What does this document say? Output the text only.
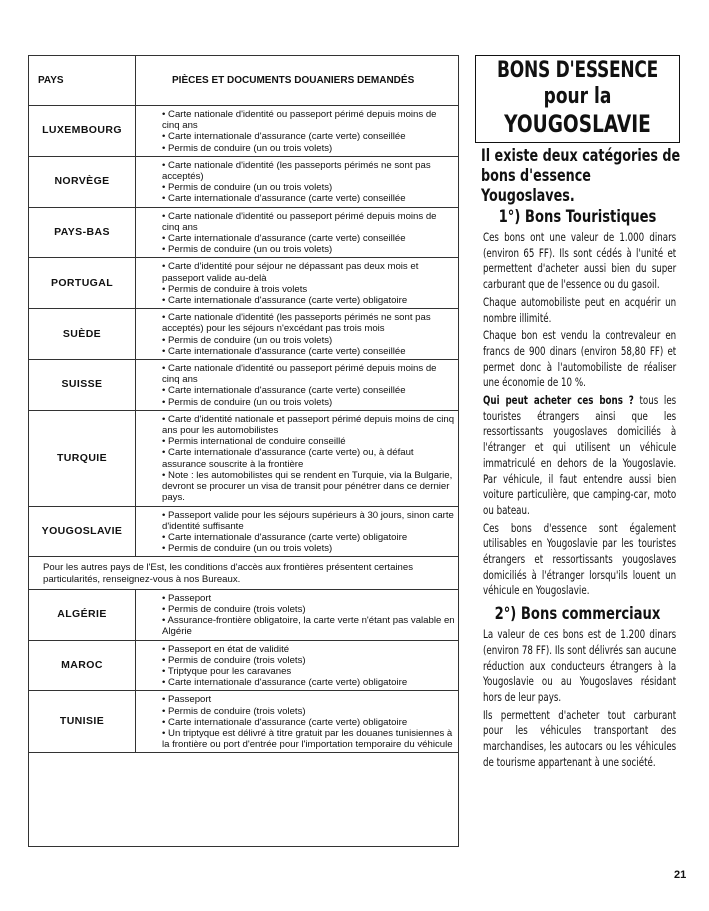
PAYS	PIÈCES ET DOCUMENTS DOUANIERS DEMANDÉS
LUXEMBOURG	• Carte nationale d'identité ou passeport périmé depuis moins de cinq ans
• Carte internationale d'assurance (carte verte) conseillée
• Permis de conduire (un ou trois volets)

NORVÈGE	• Carte nationale d'identité (les passeports périmés ne sont pas acceptés)
• Permis de conduire (un ou trois volets)
• Carte internationale d'assurance (carte verte) conseillée

PAYS-BAS	• Carte nationale d'identité ou passeport périmé depuis moins de cinq ans
• Carte internationale d'assurance (carte verte) conseillée
• Permis de conduire (un ou trois volets)

PORTUGAL	• Carte d'identité pour séjour ne dépassant pas deux mois et passeport valide au-delà
• Permis de conduire à trois volets
• Carte internationale d'assurance (carte verte) obligatoire

SUÈDE	• Carte nationale d'identité (les passeports périmés ne sont pas acceptés) pour les séjours n'excédant pas trois mois
• Permis de conduire (un ou trois volets)
• Carte internationale d'assurance (carte verte) conseillée

SUISSE	• Carte nationale d'identité ou passeport périmé depuis moins de cinq ans
• Carte internationale d'assurance (carte verte) conseillée
• Permis de conduire (un ou trois volets)

TURQUIE	• Carte d'identité nationale et passeport périmé depuis moins de cinq ans pour les automobilistes
• Permis international de conduire conseillé
• Carte internationale d'assurance (carte verte) ou, à défaut assurance souscrite à la frontière
• Note : les automobilistes qui se rendent en Turquie, via la Bulgarie, devront se procurer un visa de transit pour pénétrer dans ce dernier pays.

YOUGOSLAVIE	• Passeport valide pour les séjours supérieurs à 30 jours, sinon carte d'identité suffisante
• Carte internationale d'assurance (carte verte) obligatoire
• Permis de conduire (un ou trois volets)

Pour les autres pays de l'Est, les conditions d'accès aux frontières présentent certaines particularités, renseignez-vous à nos Bureaux.	
ALGÉRIE	• Passeport
• Permis de conduire (trois volets)
• Assurance-frontière obligatoire, la carte verte n'étant pas valable en Algérie

MAROC	• Passeport en état de validité
• Permis de conduire (trois volets)
• Triptyque pour les caravanes
• Carte internationale d'assurance (carte verte) obligatoire

TUNISIE	• Passeport
• Permis de conduire (trois volets)
• Carte internationale d'assurance (carte verte) obligatoire
• Un triptyque est délivré à titre gratuit par les douanes tunisiennes à la frontière ou port d'entrée pour l'importation temporaire du véhicule
BONS D'ESSENCE
pour la
YOUGOSLAVIE
Il existe deux catégories de bons d'essence Yougoslaves.
1°) Bons Touristiques
Ces bons ont une valeur de 1.000 dinars (environ 65 FF). Ils sont cédés à l'unité et permettent d'acheter aussi bien du super carburant que de l'essence ou du gasoil.
Chaque automobiliste peut en acquérir un nombre illimité.
Chaque bon est vendu la contrevaleur en francs de 900 dinars (environ 58,80 FF) et permet donc à l'automobiliste de réaliser une économie de 10 %.
Qui peut acheter ces bons ? tous les touristes étrangers ainsi que les ressortissants yougoslaves domiciliés à l'étranger et qui utilisent un véhicule immatriculé en dehors de la Yougoslavie. Par véhicule, il faut entendre aussi bien voiture particulière, que camping-car, moto ou bateau.
Ces bons d'essence sont également utilisables en Yougoslavie par les touristes étrangers et ressortissants yougoslaves domiciliés à l'étranger lorsqu'ils louent un véhicule en Yougoslavie.
2°) Bons commerciaux
La valeur de ces bons est de 1.200 dinars (environ 78 FF). Ils sont délivrés san aucune réduction aux conducteurs étrangers à la Yougoslavie ou au Yougoslaves résidant hors de leur pays.
Ils permettent d'acheter tout carburant pour les véhicules transportant des marchandises, les autocars ou les véhicules de tourisme appartenant à une société.
21
